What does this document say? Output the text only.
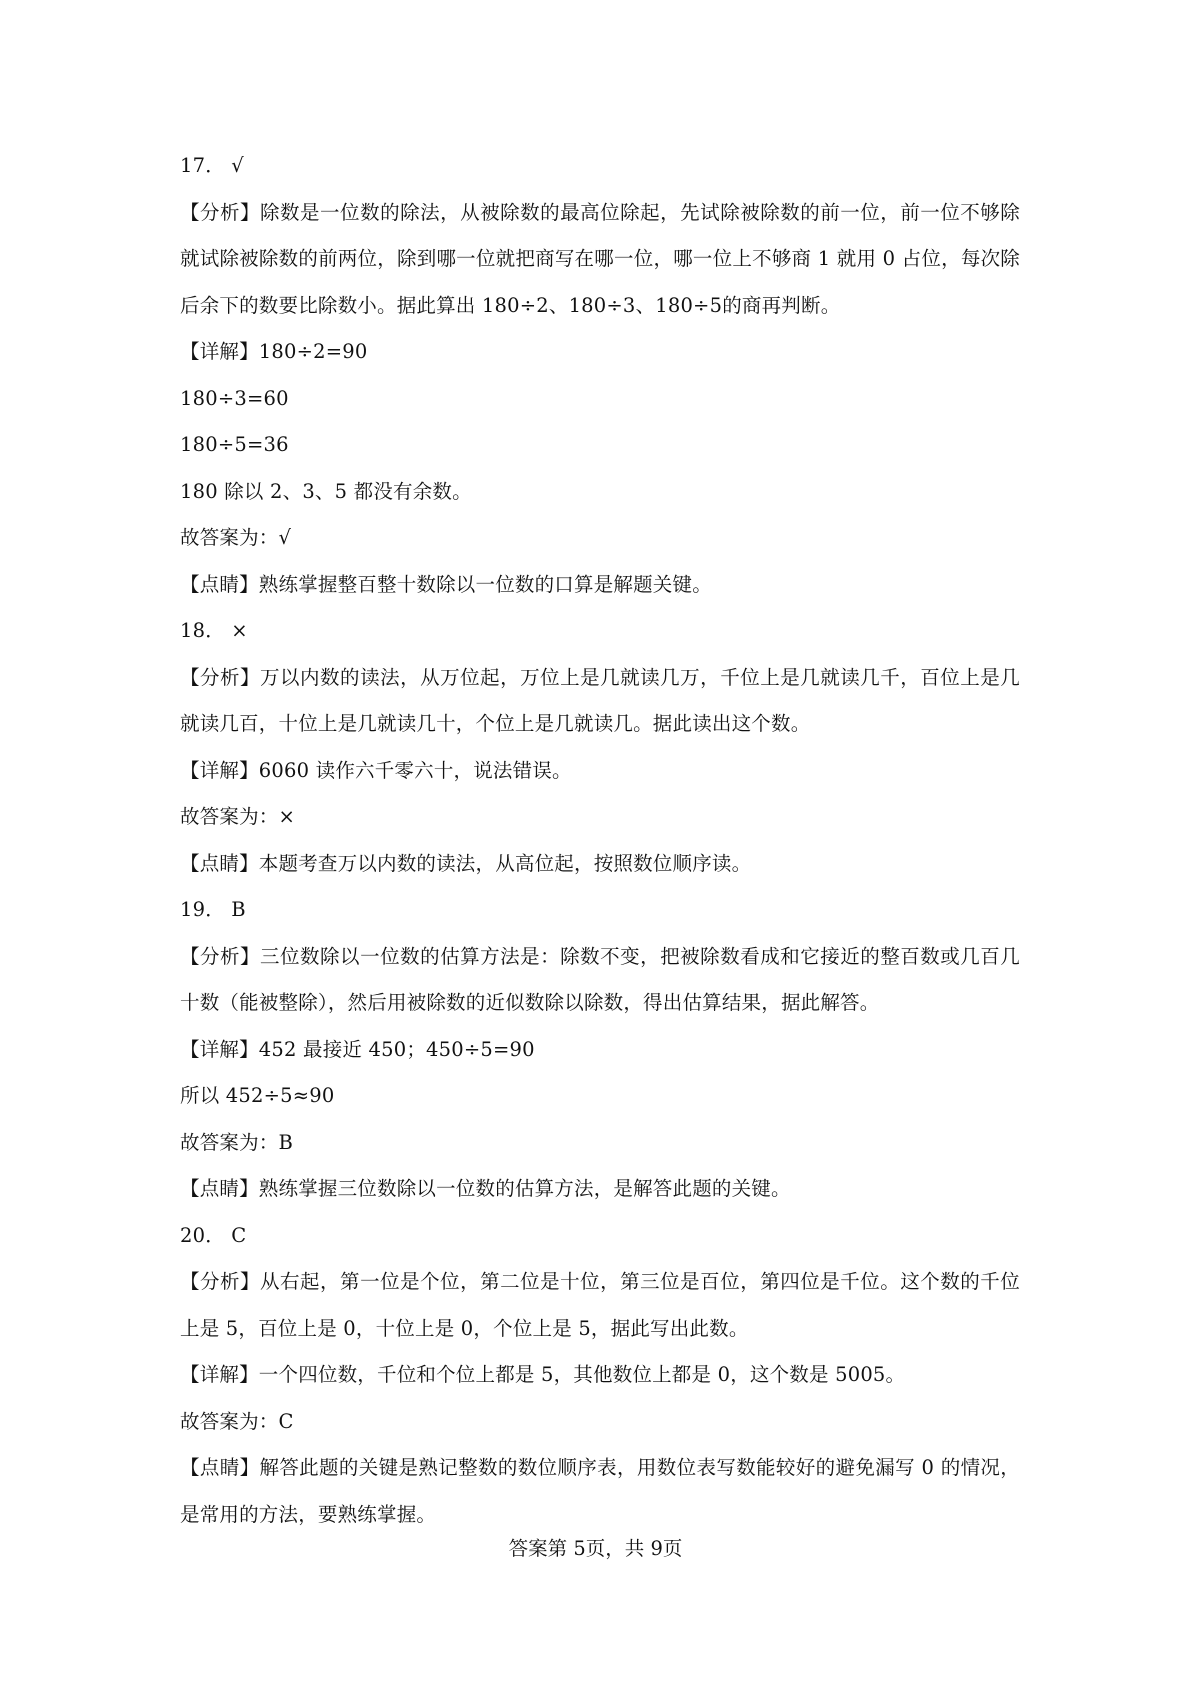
17． √
【分析】除数是一位数的除法，从被除数的最高位除起，先试除被除数的前一位，前一位不够除就试除被除数的前两位，除到哪一位就把商写在哪一位，哪一位上不够商 1 就用 0 占位，每次除后余下的数要比除数小。据此算出 180÷2、180÷3、180÷5的商再判断。
【详解】180÷2=90
180÷3=60
180÷5=36
180 除以 2、3、5 都没有余数。
故答案为：√
【点睛】熟练掌握整百整十数除以一位数的口算是解题关键。
18． ×
【分析】万以内数的读法，从万位起，万位上是几就读几万，千位上是几就读几千，百位上是几就读几百，十位上是几就读几十，个位上是几就读几。据此读出这个数。
【详解】6060 读作六千零六十，说法错误。
故答案为：×
【点睛】本题考查万以内数的读法，从高位起，按照数位顺序读。
19． B
【分析】三位数除以一位数的估算方法是：除数不变，把被除数看成和它接近的整百数或几百几十数（能被整除），然后用被除数的近似数除以除数，得出估算结果，据此解答。
【详解】452 最接近 450；450÷5=90
所以 452÷5≈90
故答案为：B
【点睛】熟练掌握三位数除以一位数的估算方法，是解答此题的关键。
20． C
【分析】从右起，第一位是个位，第二位是十位，第三位是百位，第四位是千位。这个数的千位上是 5，百位上是 0，十位上是 0，个位上是 5，据此写出此数。
【详解】一个四位数，千位和个位上都是 5，其他数位上都是 0，这个数是 5005。
故答案为：C
【点睛】解答此题的关键是熟记整数的数位顺序表，用数位表写数能较好的避免漏写 0 的情况，是常用的方法，要熟练掌握。
答案第 5页，共 9页
